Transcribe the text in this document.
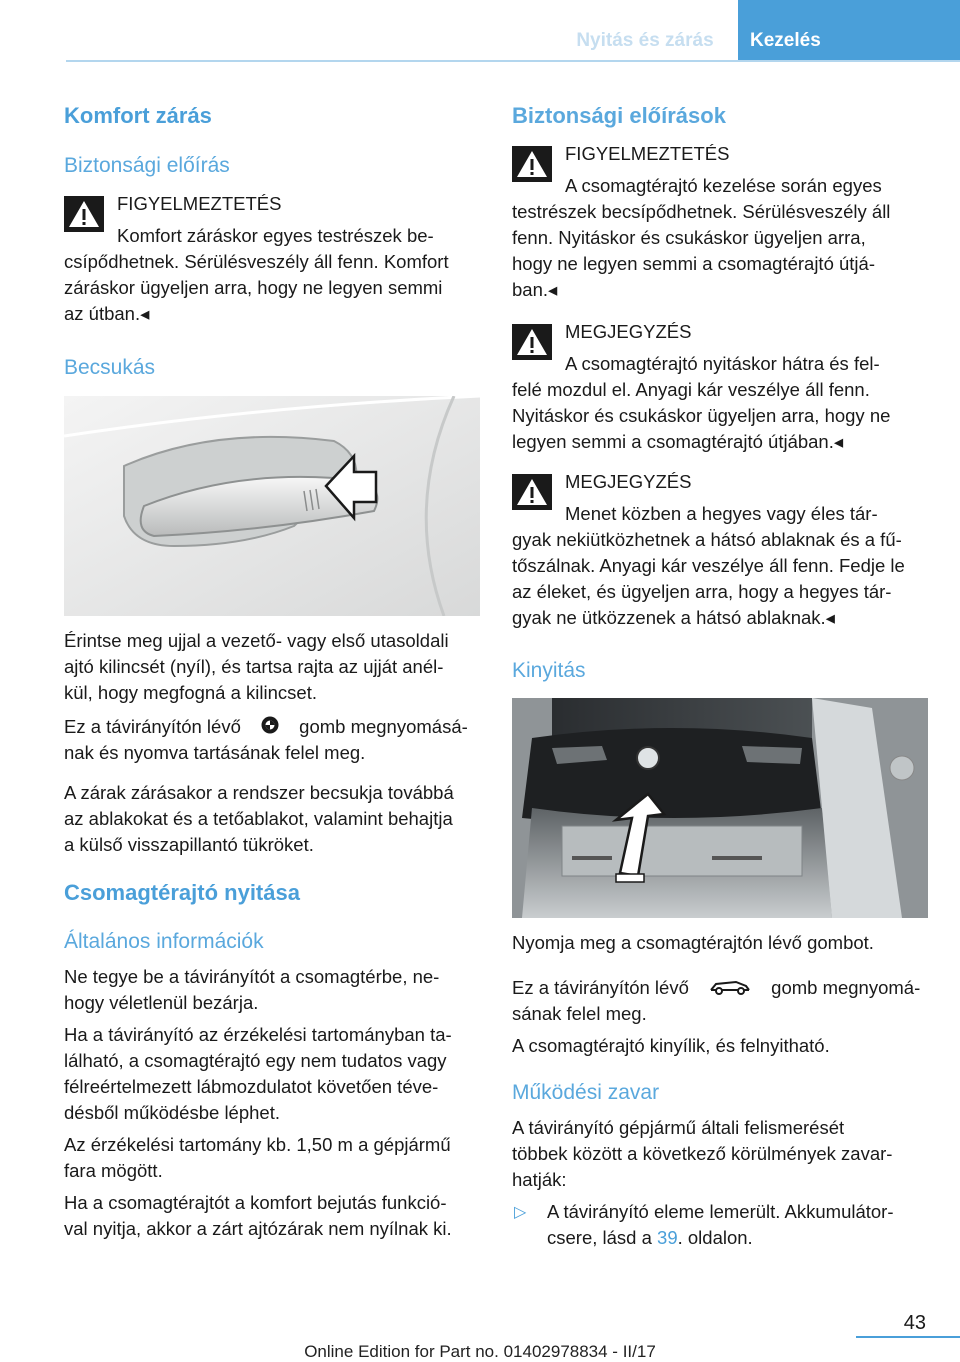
Nyitás és zárás	Kezelés
Komfort zárás
Biztonsági előírás

FIGYELMEZTETÉS

Komfort záráskor egyes testrészek be-

csípődhetnek. Sérülésveszély áll fenn. Komfort

záráskor ügyeljen arra, hogy ne legyen semmi

az útban.◂

Becsukás

Érintse meg ujjal a vezető- vagy első utasoldali

ajtó kilincsét (nyíl), és tartsa rajta az ujját anél-

kül, hogy megfogná a kilincset.

Ez a távirányítón lévő	gomb megnyomásá-

nak és nyomva tartásának felel meg.

A zárak zárásakor a rendszer becsukja továbbá

az ablakokat és a tetőablakot, valamint behajtja

a külső visszapillantó tükröket.

Csomagtérajtó nyitása
Általános információk

Ne tegye be a távirányítót a csomagtérbe, ne-

hogy véletlenül bezárja.

Ha a távirányító az érzékelési tartományban ta-

lálható, a csomagtérajtó egy nem tudatos vagy

félreértelmezett lábmozdulatot követően téve-

désből működésbe léphet.

Az érzékelési tartomány kb. 1,50 m a gépjármű

fara mögött.

Ha a csomagtérajtót a komfort bejutás funkció-

val nyitja, akkor a zárt ajtózárak nem nyílnak ki.

Biztonsági előírások

FIGYELMEZTETÉS

A csomagtérajtó kezelése során egyes

testrészek becsípődhetnek. Sérülésveszély áll

fenn. Nyitáskor és csukáskor ügyeljen arra,

hogy ne legyen semmi a csomagtérajtó útjá-

ban.◂

MEGJEGYZÉS

A csomagtérajtó nyitáskor hátra és fel-

felé mozdul el. Anyagi kár veszélye áll fenn.

Nyitáskor és csukáskor ügyeljen arra, hogy ne

legyen semmi a csomagtérajtó útjában.◂

MEGJEGYZÉS

Menet közben a hegyes vagy éles tár-

gyak nekiütközhetnek a hátsó ablaknak és a fű-

tőszálnak. Anyagi kár veszélye áll fenn. Fedje le

az éleket, és ügyeljen arra, hogy a hegyes tár-

gyak ne ütközzenek a hátsó ablaknak.◂

Kinyitás

Nyomja meg a csomagtérajtón lévő gombot.

Ez a távirányítón lévő	gomb megnyomá-

sának felel meg.

A csomagtérajtó kinyílik, és felnyitható.

Működési zavar

A távirányító gépjármű általi felismerését

többek között a következő körülmények zavar-

hatják:

▷ A távirányító eleme lemerült. Akkumulátor-

csere, lásd a 39. oldalon.

43
Online Edition for Part no. 01402978834 - II/17
